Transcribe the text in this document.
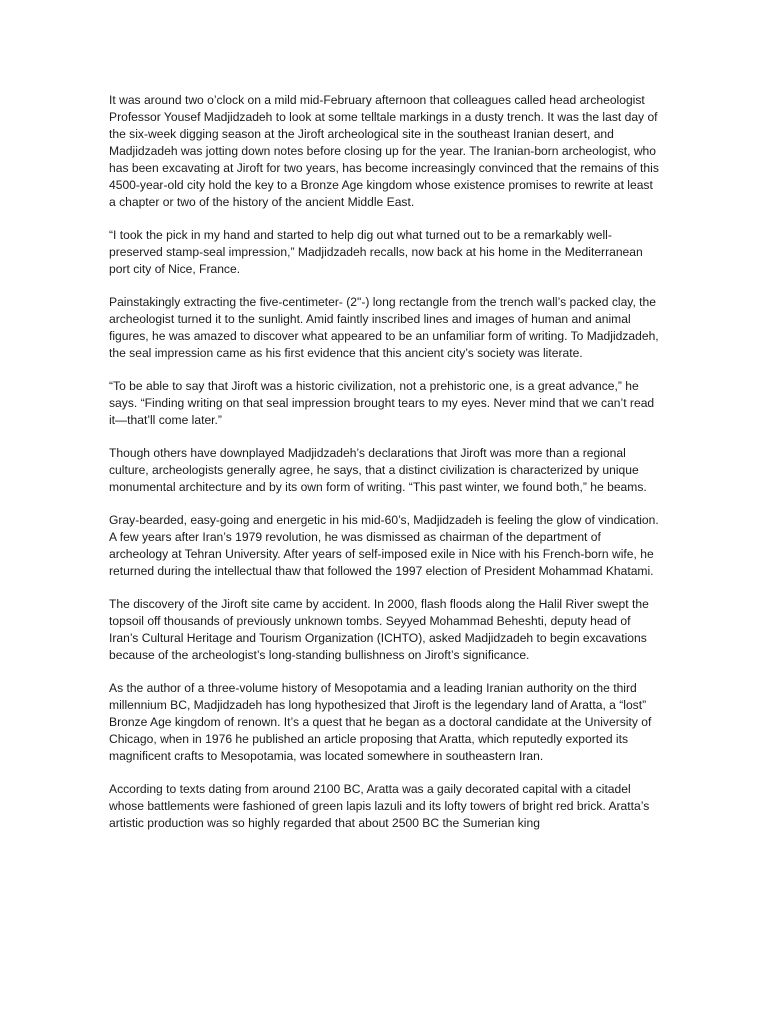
It was around two o’clock on a mild mid-February afternoon that colleagues called head archeologist Professor Yousef Madjidzadeh to look at some telltale markings in a dusty trench. It was the last day of the six-week digging season at the Jiroft archeological site in the southeast Iranian desert, and Madjidzadeh was jotting down notes before closing up for the year. The Iranian-born archeologist, who has been excavating at Jiroft for two years, has become increasingly convinced that the remains of this 4500-year-old city hold the key to a Bronze Age kingdom whose existence promises to rewrite at least a chapter or two of the history of the ancient Middle East.

“I took the pick in my hand and started to help dig out what turned out to be a remarkably well-preserved stamp-seal impression,” Madjidzadeh recalls, now back at his home in the Mediterranean port city of Nice, France.

Painstakingly extracting the five-centimeter- (2"-) long rectangle from the trench wall’s packed clay, the archeologist turned it to the sunlight. Amid faintly inscribed lines and images of human and animal figures, he was amazed to discover what appeared to be an unfamiliar form of writing. To Madjidzadeh, the seal impression came as his first evidence that this ancient city’s society was literate.

“To be able to say that Jiroft was a historic civilization, not a prehistoric one, is a great advance,” he says. “Finding writing on that seal impression brought tears to my eyes. Never mind that we can’t read it—that’ll come later.”

Though others have downplayed Madjidzadeh’s declarations that Jiroft was more than a regional culture, archeologists generally agree, he says, that a distinct civilization is characterized by unique monumental architecture and by its own form of writing. “This past winter, we found both,” he beams.

Gray-bearded, easy-going and energetic in his mid-60’s, Madjidzadeh is feeling the glow of vindication. A few years after Iran’s 1979 revolution, he was dismissed as chairman of the department of archeology at Tehran University. After years of self-imposed exile in Nice with his French-born wife, he returned during the intellectual thaw that followed the 1997 election of President Mohammad Khatami.

The discovery of the Jiroft site came by accident. In 2000, flash floods along the Halil River swept the topsoil off thousands of previously unknown tombs. Seyyed Mohammad Beheshti, deputy head of Iran’s Cultural Heritage and Tourism Organization (ICHTO), asked Madjidzadeh to begin excavations because of the archeologist’s long-standing bullishness on Jiroft’s significance.

As the author of a three-volume history of Mesopotamia and a leading Iranian authority on the third millennium BC, Madjidzadeh has long hypothesized that Jiroft is the legendary land of Aratta, a “lost” Bronze Age kingdom of renown. It’s a quest that he began as a doctoral candidate at the University of Chicago, when in 1976 he published an article proposing that Aratta, which reputedly exported its magnificent crafts to Mesopotamia, was located somewhere in southeastern Iran.

According to texts dating from around 2100 BC, Aratta was a gaily decorated capital with a citadel whose battlements were fashioned of green lapis lazuli and its lofty towers of bright red brick. Aratta’s artistic production was so highly regarded that about 2500 BC the Sumerian king
